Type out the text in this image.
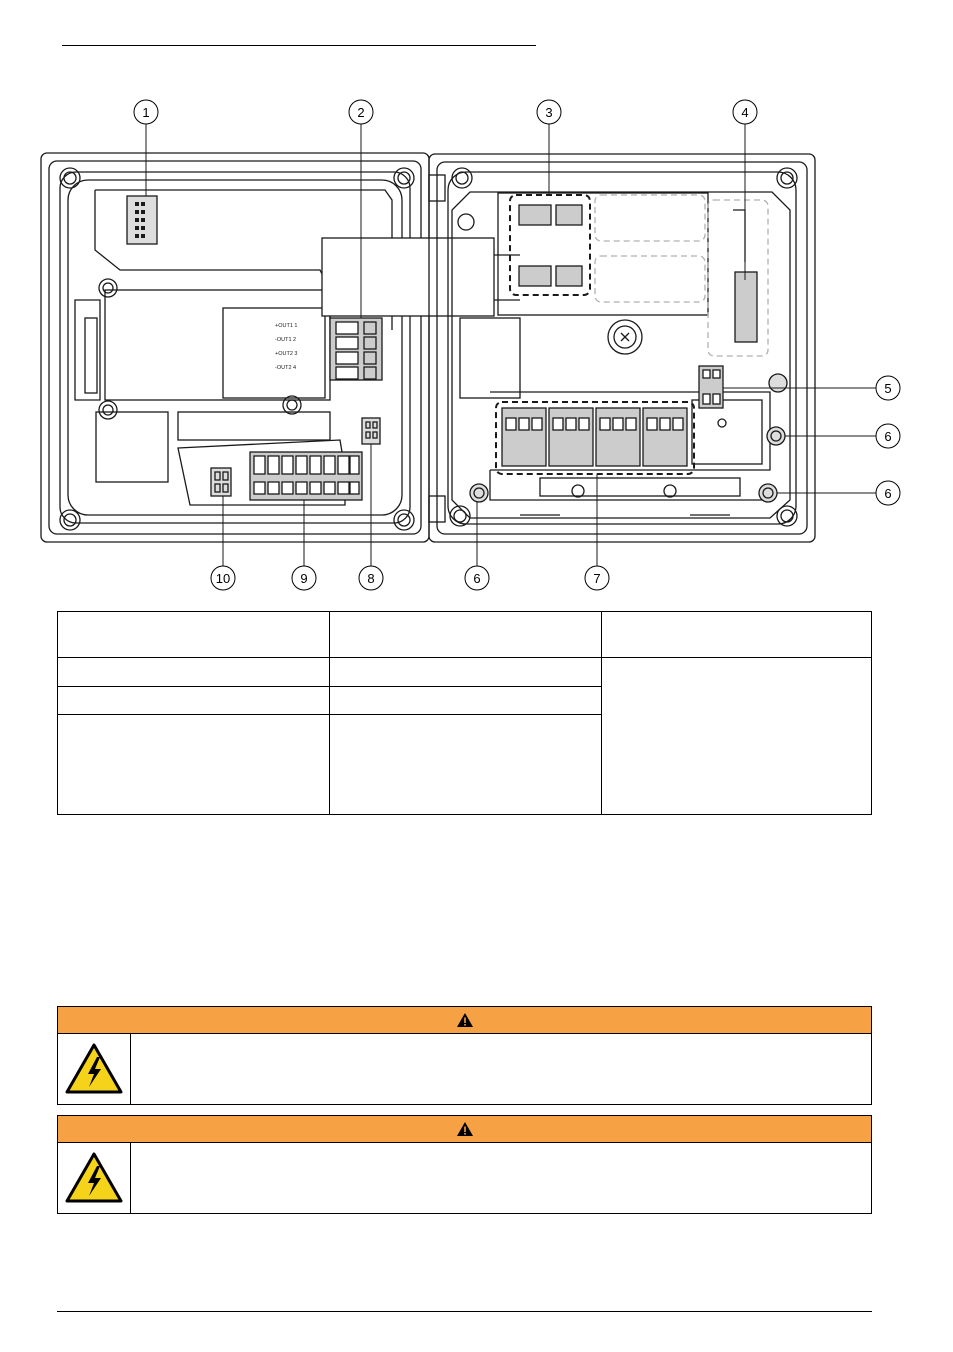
+OUT1 1
-OUT1 2
+OUT2 3
-OUT2 4
1	2	3	4
5
6
6
10	9	8	6	7
